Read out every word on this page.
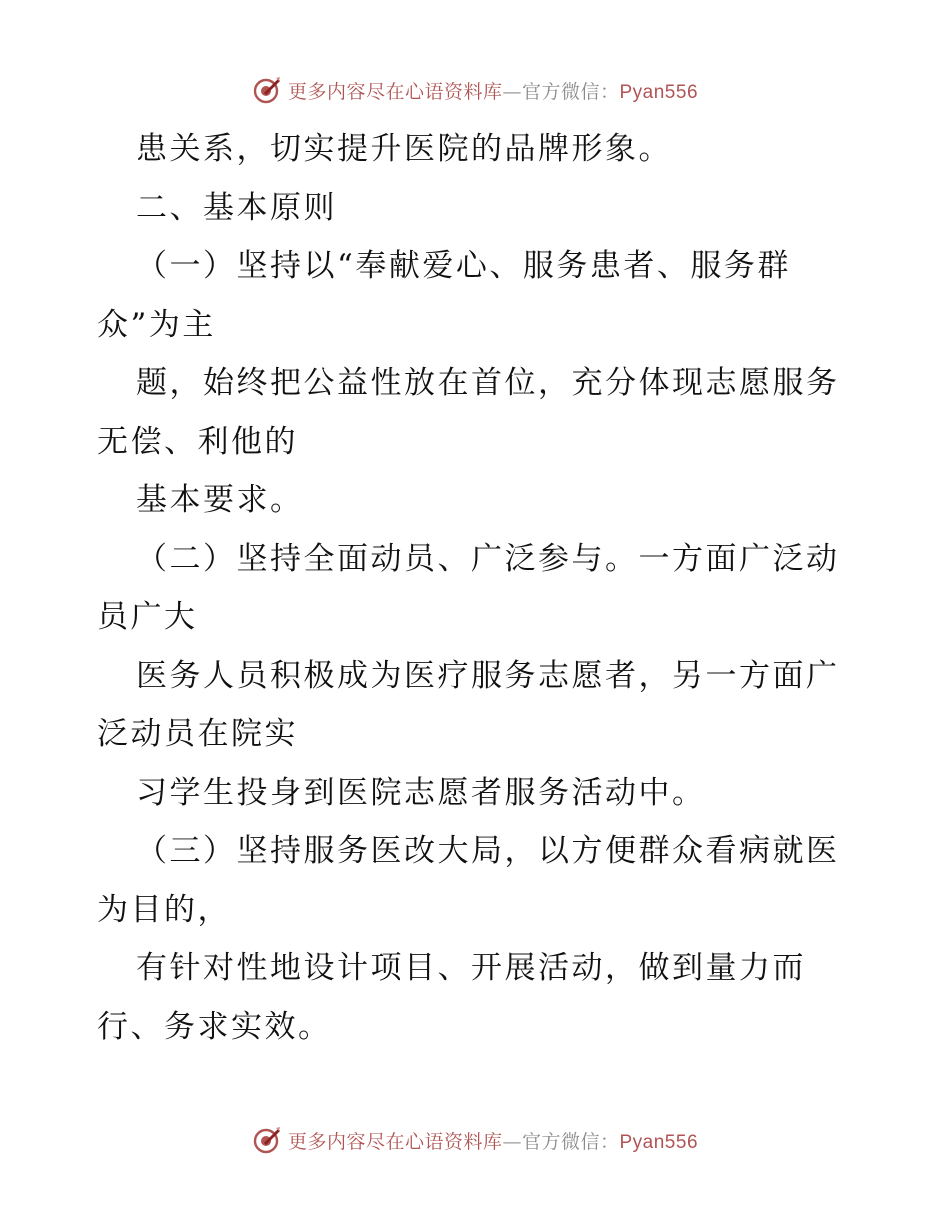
更多内容尽在心语资料库—官方微信：Pyan556
患关系，切实提升医院的品牌形象。
二、基本原则
（一）坚持以“奉献爱心、服务患者、服务群
众”为主
题，始终把公益性放在首位，充分体现志愿服务
无偿、利他的
基本要求。
（二）坚持全面动员、广泛参与。一方面广泛动
员广大
医务人员积极成为医疗服务志愿者，另一方面广
泛动员在院实
习学生投身到医院志愿者服务活动中。
（三）坚持服务医改大局，以方便群众看病就医
为目的，
有针对性地设计项目、开展活动，做到量力而
行、务求实效。
更多内容尽在心语资料库—官方微信：Pyan556
